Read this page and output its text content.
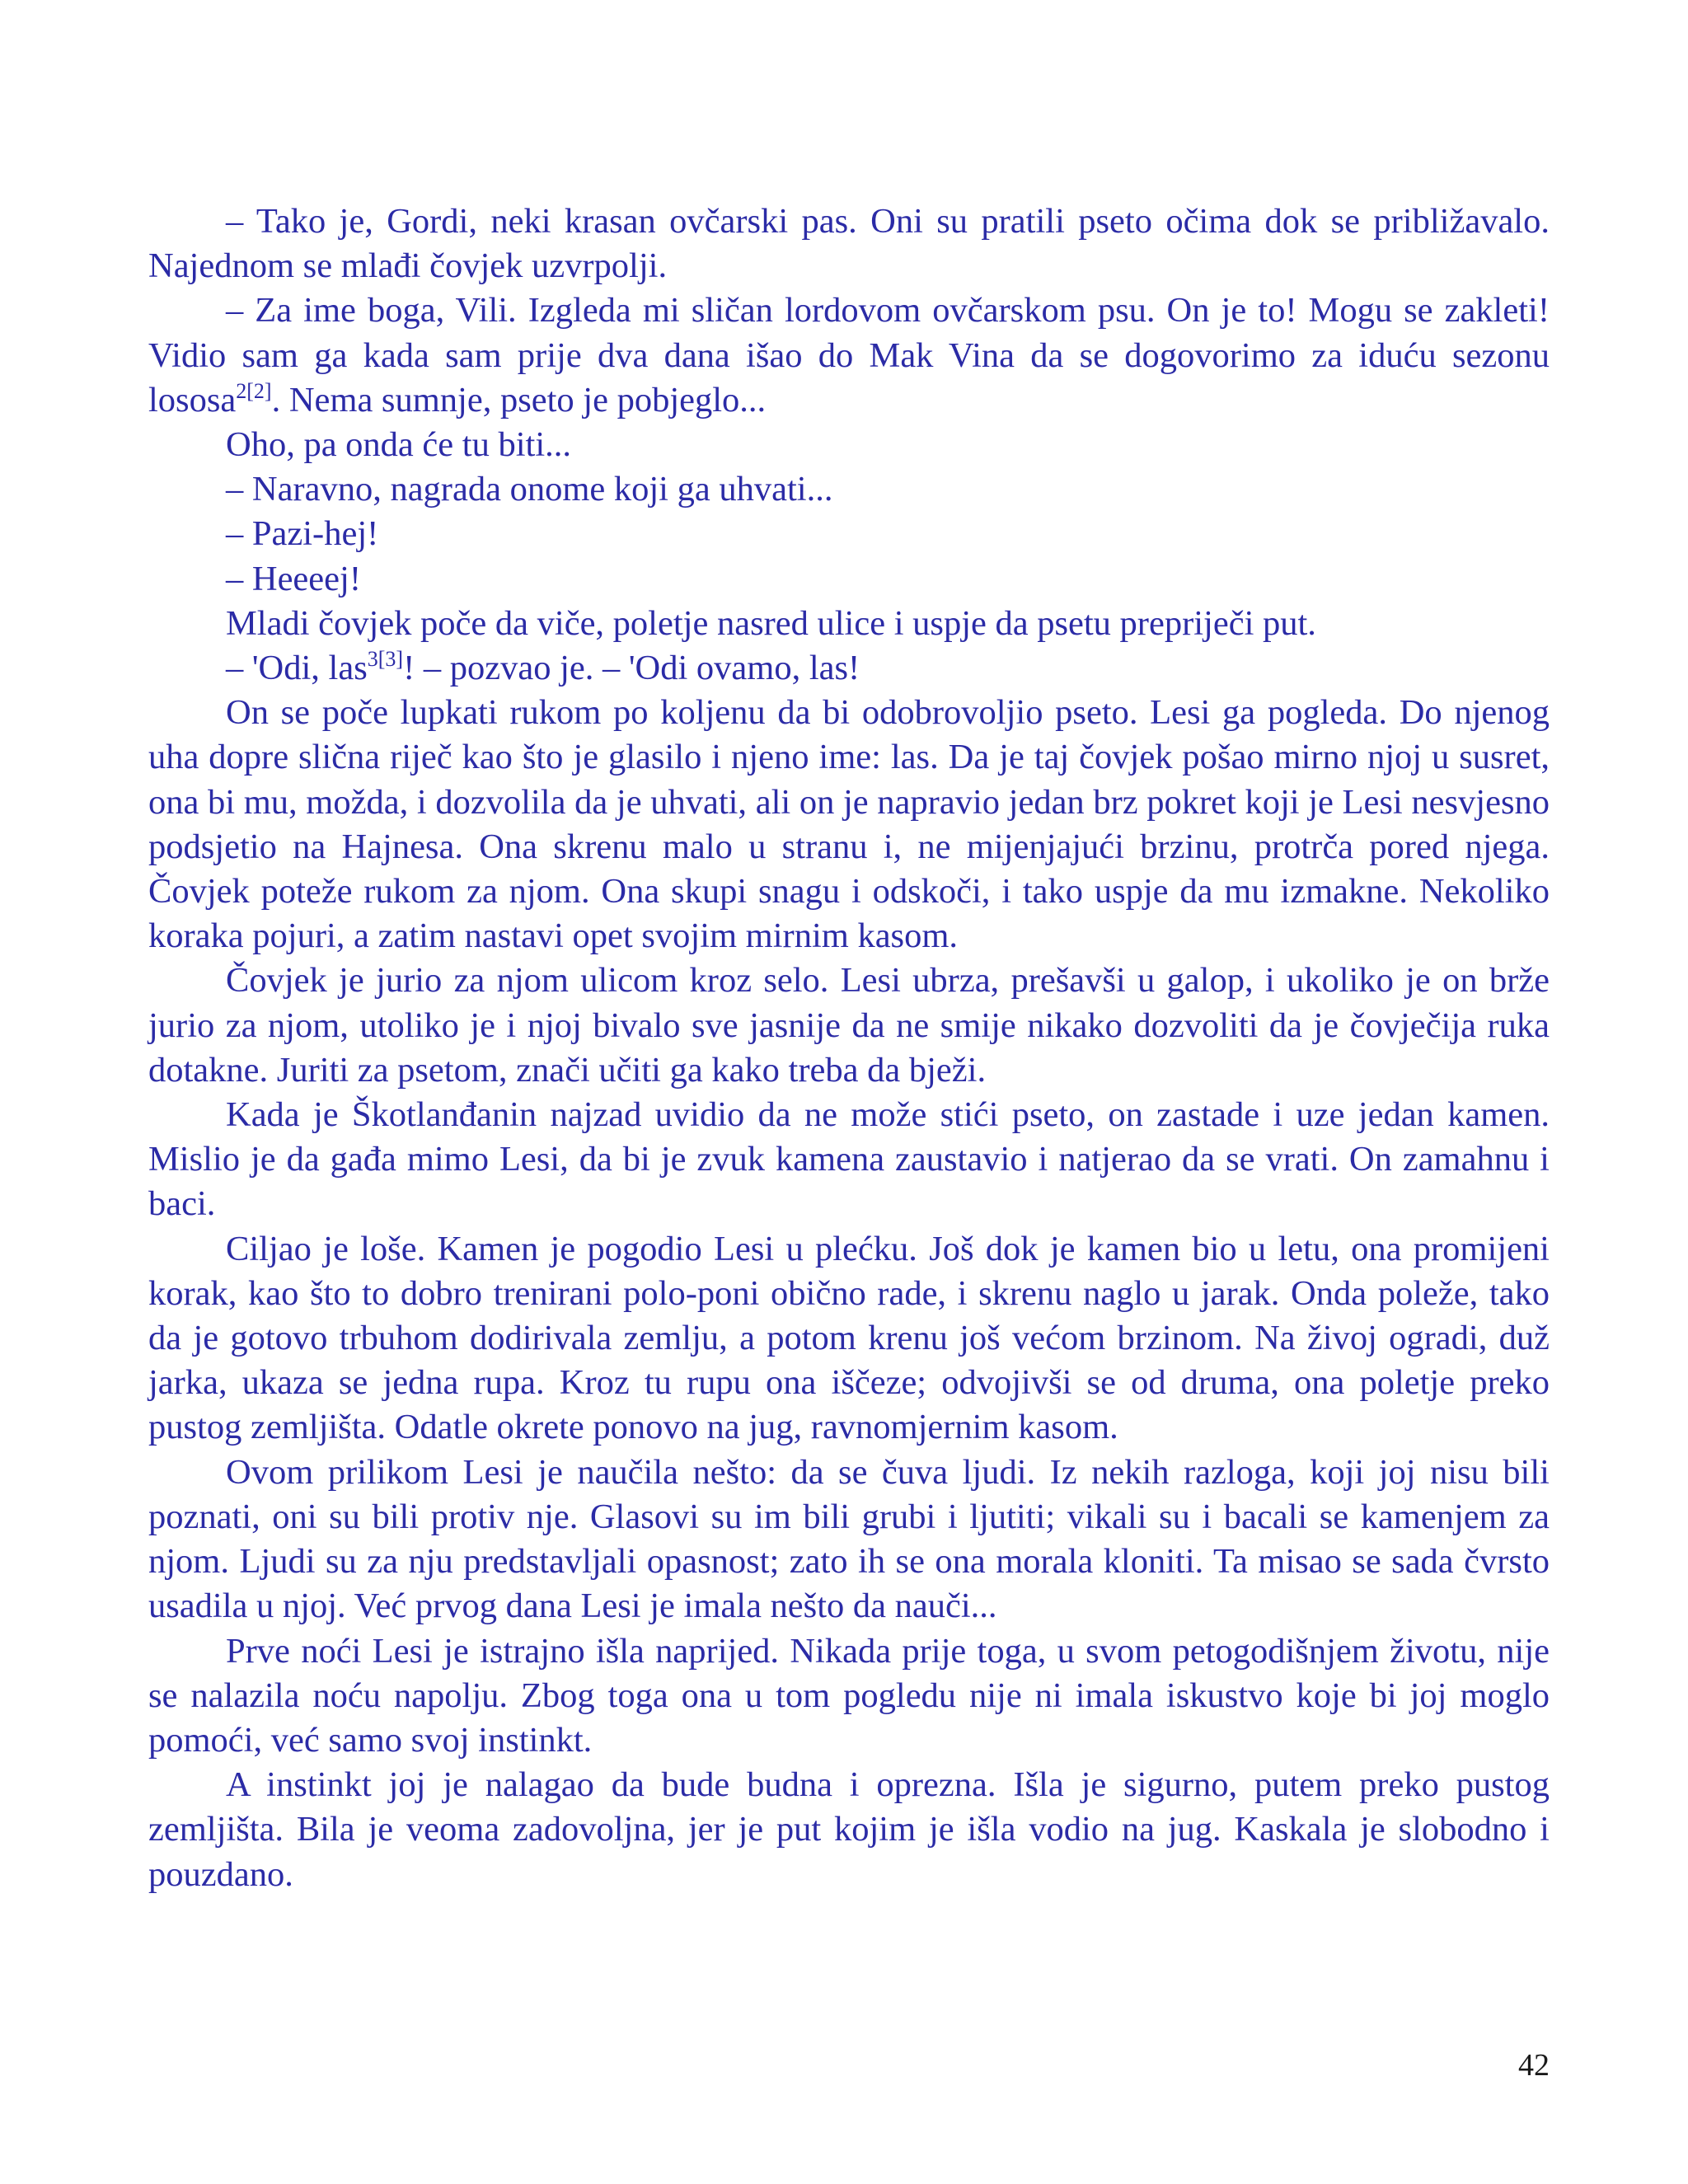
– Tako je, Gordi, neki krasan ovčarski pas. Oni su pratili pseto očima dok se približavalo. Najednom se mlađi čovjek uzvrpolji.

– Za ime boga, Vili. Izgleda mi sličan lordovom ovčarskom psu. On je to! Mogu se zakleti! Vidio sam ga kada sam prije dva dana išao do Mak Vina da se dogovorimo za iduću sezonu lososa$^{2[2]}$. Nema sumnje, pseto je pobjeglo...

Oho, pa onda će tu biti...

– Naravno, nagrada onome koji ga uhvati...

– Pazi-hej!

– Heeeej!

Mladi čovjek poče da viče, poletje nasred ulice i uspje da psetu prepriječi put.

– 'Odi, las$^{3[3]}$! – pozvao je. – 'Odi ovamo, las!

On se poče lupkati rukom po koljenu da bi odobrovoljio pseto. Lesi ga pogleda. Do njenog uha dopre slična riječ kao što je glasilo i njeno ime: las. Da je taj čovjek pošao mirno njoj u susret, ona bi mu, možda, i dozvolila da je uhvati, ali on je napravio jedan brz pokret koji je Lesi nesvjesno podsjetio na Hajnesa. Ona skrenu malo u stranu i, ne mijenjajući brzinu, protrča pored njega. Čovjek poteže rukom za njom. Ona skupi snagu i odskoči, i tako uspje da mu izmakne. Nekoliko koraka pojuri, a zatim nastavi opet svojim mirnim kasom.

Čovjek je jurio za njom ulicom kroz selo. Lesi ubrza, prešavši u galop, i ukoliko je on brže jurio za njom, utoliko je i njoj bivalo sve jasnije da ne smije nikako dozvoliti da je čovječija ruka dotakne. Juriti za psetom, znači učiti ga kako treba da bježi.

Kada je Škotlanđanin najzad uvidio da ne može stići pseto, on zastade i uze jedan kamen. Mislio je da gađa mimo Lesi, da bi je zvuk kamena zaustavio i natjerao da se vrati. On zamahnu i baci.

Ciljao je loše. Kamen je pogodio Lesi u plećku. Još dok je kamen bio u letu, ona promijeni korak, kao što to dobro trenirani polo-poni obično rade, i skrenu naglo u jarak. Onda poleže, tako da je gotovo trbuhom dodirivala zemlju, a potom krenu još većom brzinom. Na živoj ogradi, duž jarka, ukaza se jedna rupa. Kroz tu rupu ona iščeze; odvojivši se od druma, ona poletje preko pustog zemljišta. Odatle okrete ponovo na jug, ravnomjernim kasom.

Ovom prilikom Lesi je naučila nešto: da se čuva ljudi. Iz nekih razloga, koji joj nisu bili poznati, oni su bili protiv nje. Glasovi su im bili grubi i ljutiti; vikali su i bacali se kamenjem za njom. Ljudi su za nju predstavljali opasnost; zato ih se ona morala kloniti. Ta misao se sada čvrsto usadila u njoj. Već prvog dana Lesi je imala nešto da nauči...

Prve noći Lesi je istrajno išla naprijed. Nikada prije toga, u svom petogodišnjem životu, nije se nalazila noću napolju. Zbog toga ona u tom pogledu nije ni imala iskustvo koje bi joj moglo pomoći, već samo svoj instinkt.

A instinkt joj je nalagao da bude budna i oprezna. Išla je sigurno, putem preko pustog zemljišta. Bila je veoma zadovoljna, jer je put kojim je išla vodio na jug. Kaskala je slobodno i pouzdano.

42
